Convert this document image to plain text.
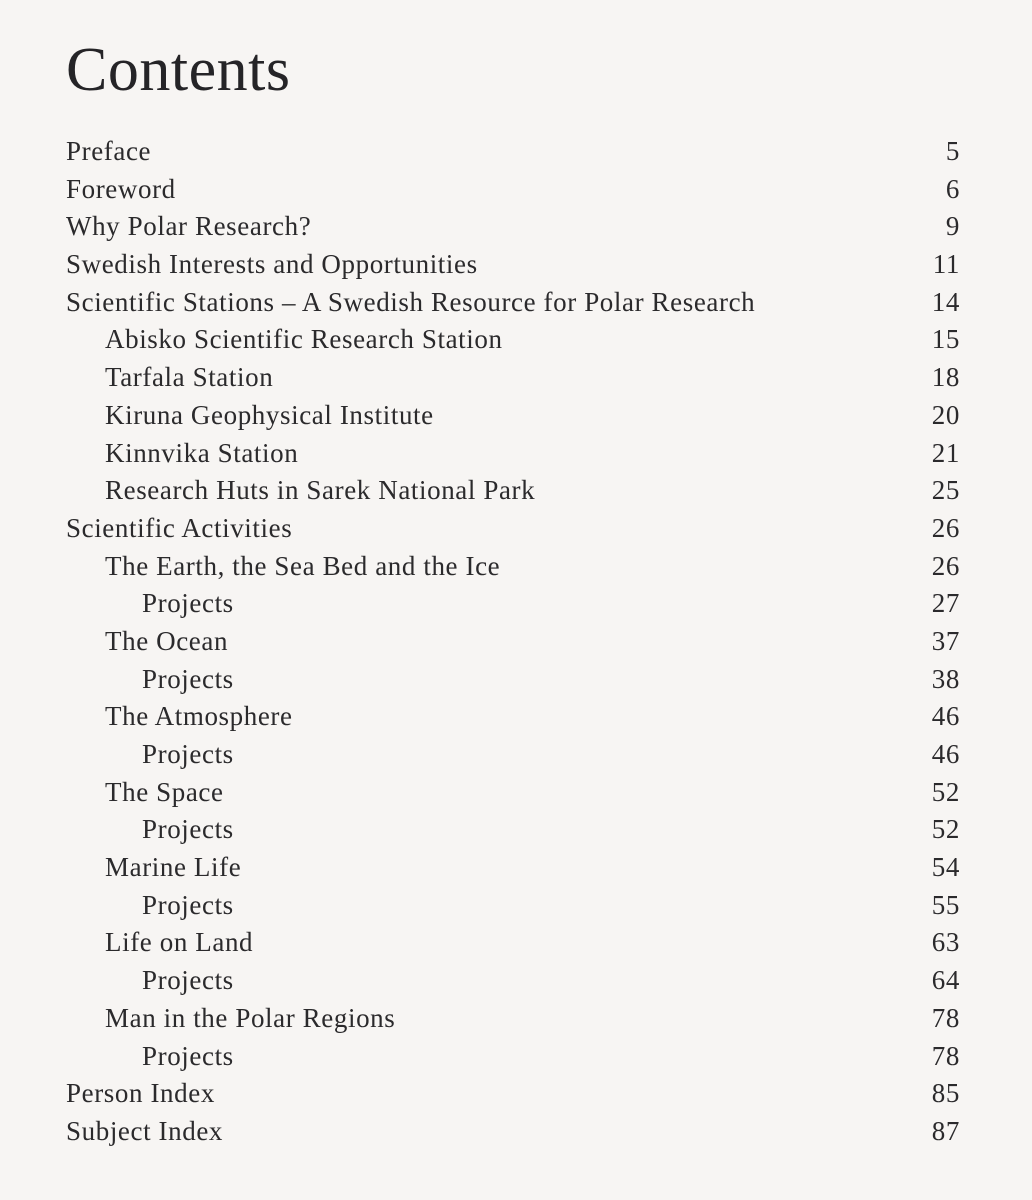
Contents
Preface	5
Foreword	6
Why Polar Research?	9
Swedish Interests and Opportunities	11
Scientific Stations – A Swedish Resource for Polar Research	14
Abisko Scientific Research Station	15
Tarfala Station	18
Kiruna Geophysical Institute	20
Kinnvika Station	21
Research Huts in Sarek National Park	25
Scientific Activities	26
The Earth, the Sea Bed and the Ice	26
Projects	27
The Ocean	37
Projects	38
The Atmosphere	46
Projects	46
The Space	52
Projects	52
Marine Life	54
Projects	55
Life on Land	63
Projects	64
Man in the Polar Regions	78
Projects	78
Person Index	85
Subject Index	87
